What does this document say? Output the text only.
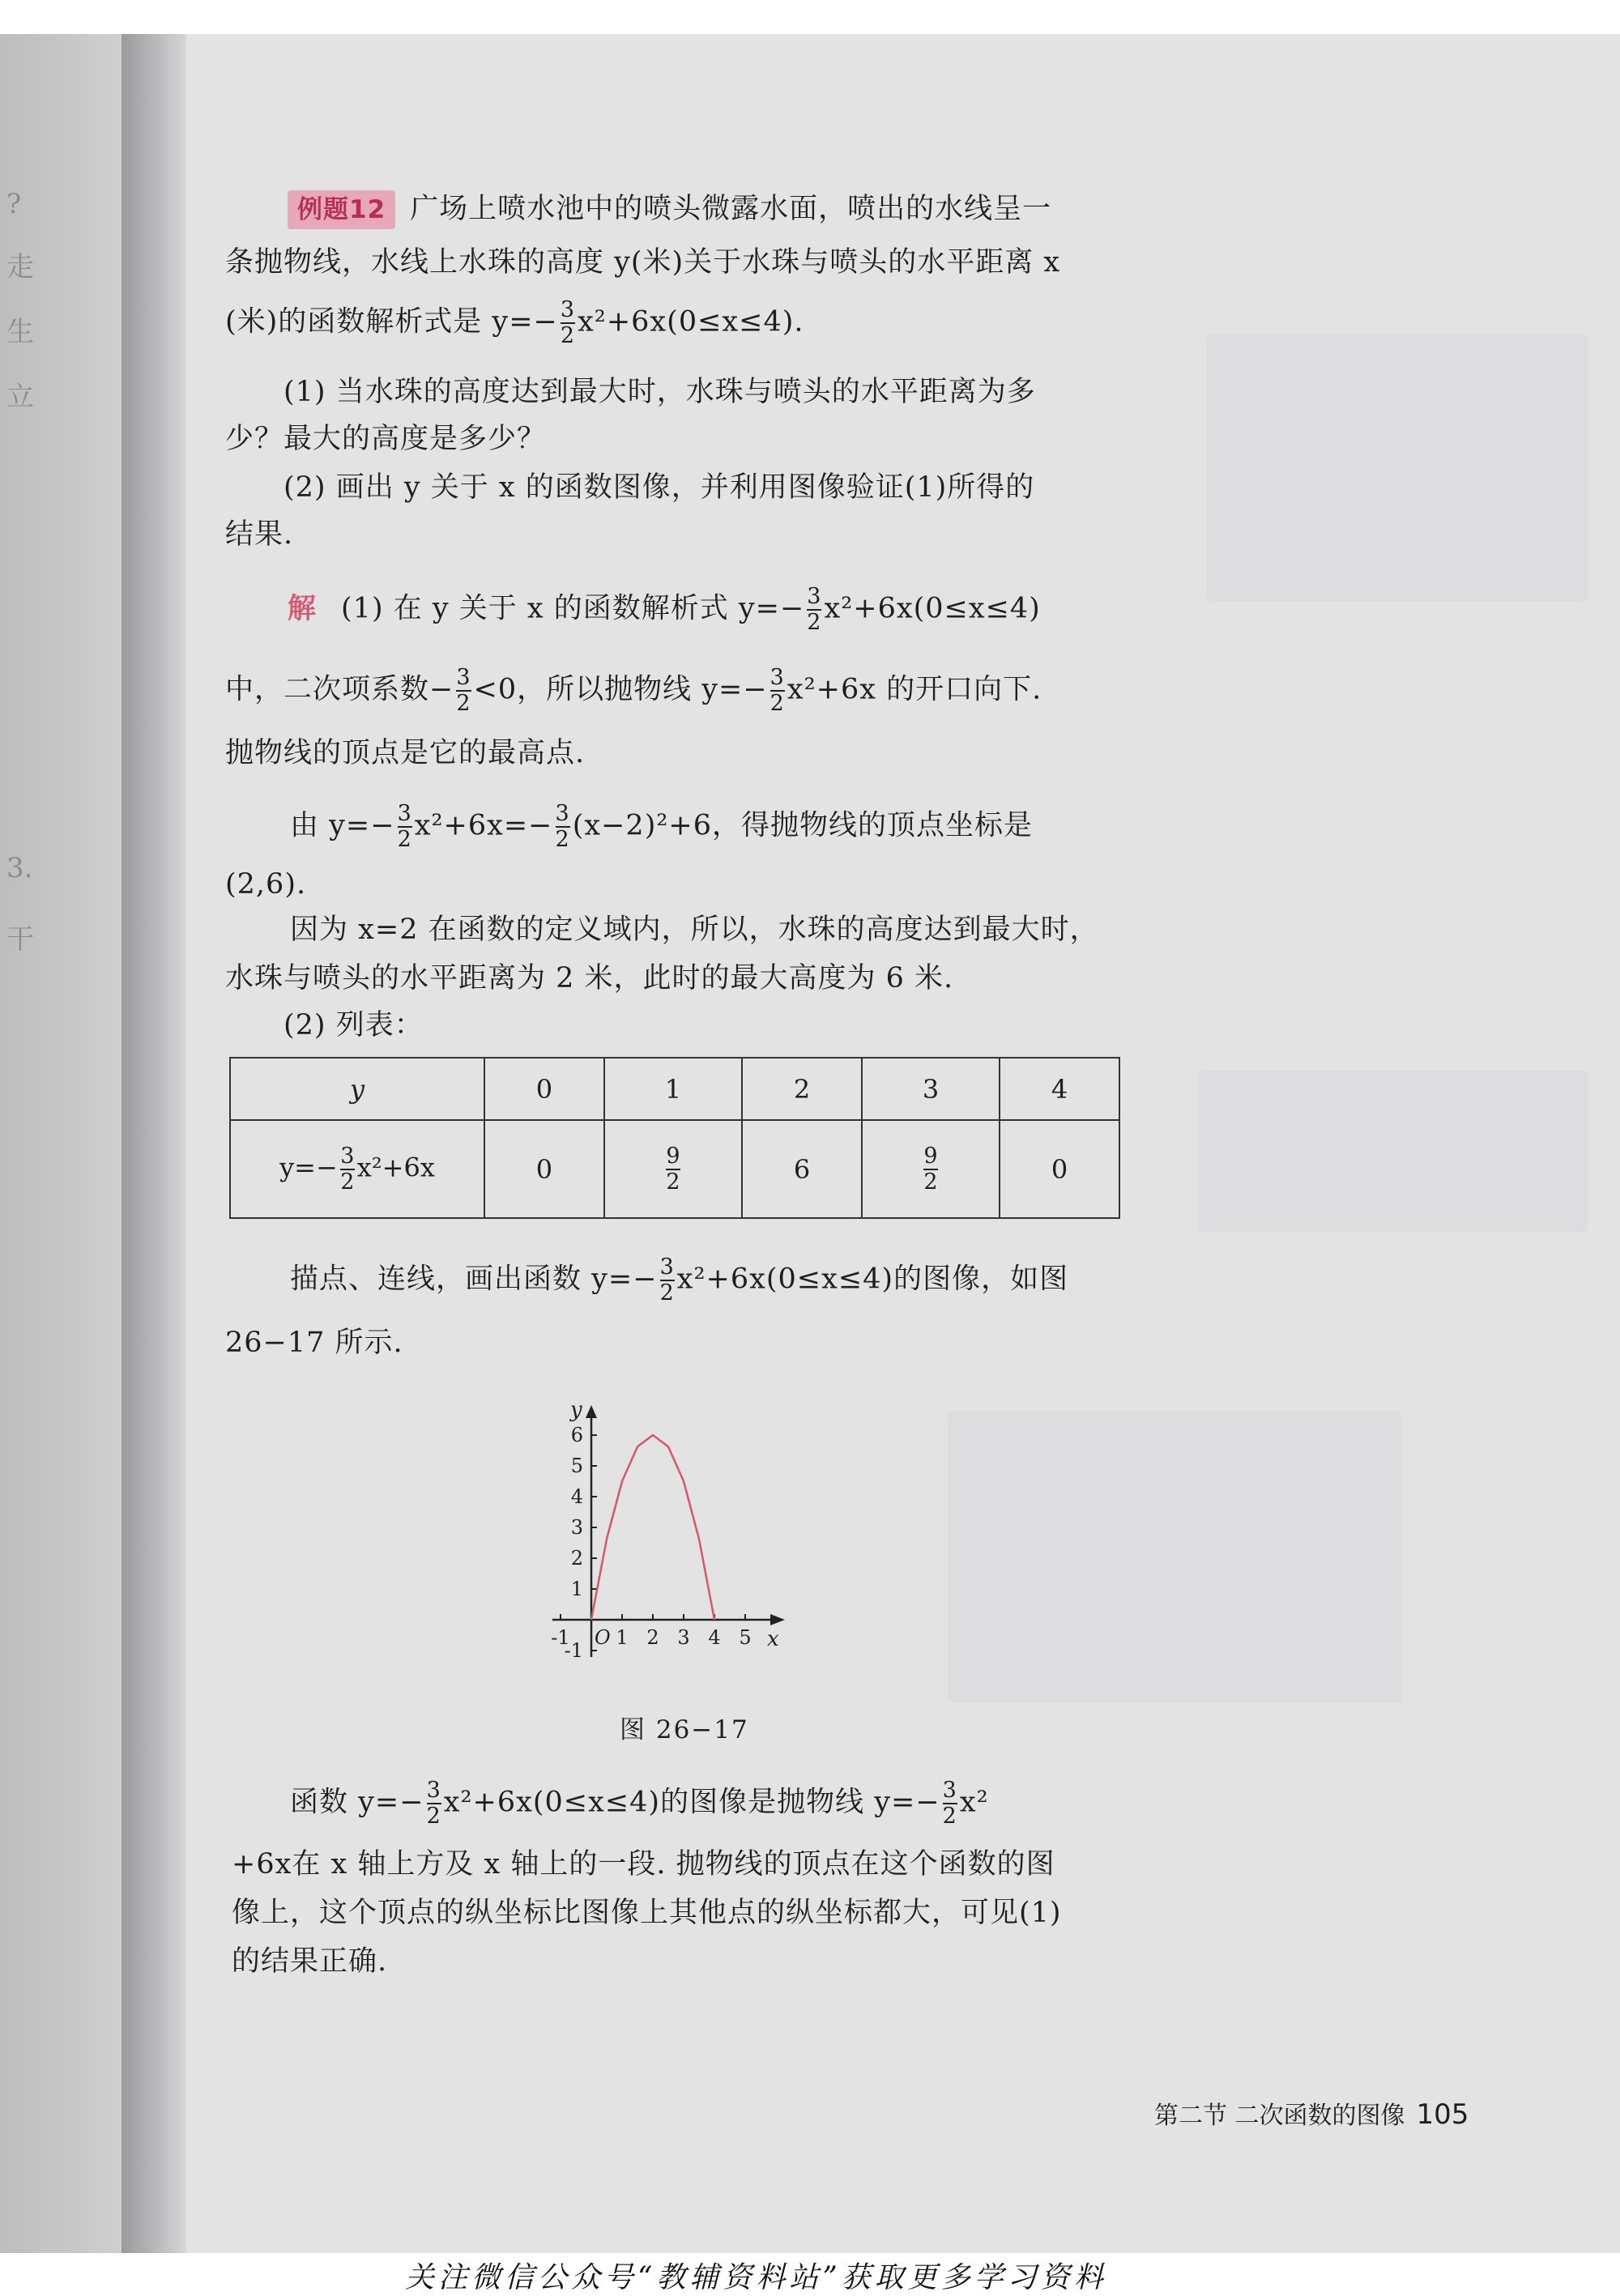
?
走
生
立
3.
干
例题12 广场上喷水池中的喷头微露水面，喷出的水线呈一
条抛物线，水线上水珠的高度 y(米)关于水珠与喷头的水平距离 x
(米)的函数解析式是 $y=- \frac{3}{2} x^2+6x(0\le x\le 4)$.
(1) 当水珠的高度达到最大时，水珠与喷头的水平距离为多
少？最大的高度是多少？
(2) 画出 y 关于 x 的函数图像，并利用图像验证(1)所得的
结果.
解 (1) 在 y 关于 x 的函数解析式 $y=- \frac{3}{2} x^2+6x(0\le x\le 4)$
中，二次项系数− $\frac{3}{2} <0$，所以抛物线 $y=- \frac{3}{2} x^2+6x$ 的开口向下.
抛物线的顶点是它的最高点.
由 $y=- \frac{3}{2} x^2+6x=- \frac{3}{2} (x-2)^2+6$，得抛物线的顶点坐标是
(2,6).
因为 x=2 在函数的定义域内，所以，水珠的高度达到最大时，
水珠与喷头的水平距离为 2 米，此时的最大高度为 6 米.
(2) 列表：
y	0	1	2	3	4
$y=- \frac{3}{2} x^2+6x$	0	$\frac{9}{2}$	6	$\frac{9}{2}$	0
描点、连线，画出函数 $y=- \frac{3}{2} x^2+6x(0\le x\le 4)$的图像，如图
26−17 所示.
-1 1 2 3 4 5
-1
1
2
3
4
5
6
O	x
y
图 26−17
函数 $y=- \frac{3}{2} x^2+6x(0\le x\le 4)$的图像是抛物线 $y=- \frac{3}{2} x^2$
+6x在 x 轴上方及 x 轴上的一段. 抛物线的顶点在这个函数的图
像上，这个顶点的纵坐标比图像上其他点的纵坐标都大，可见(1)
的结果正确.
第二节 二次函数的图像 105
关注微信公众号“教辅资料站”获取更多学习资料
